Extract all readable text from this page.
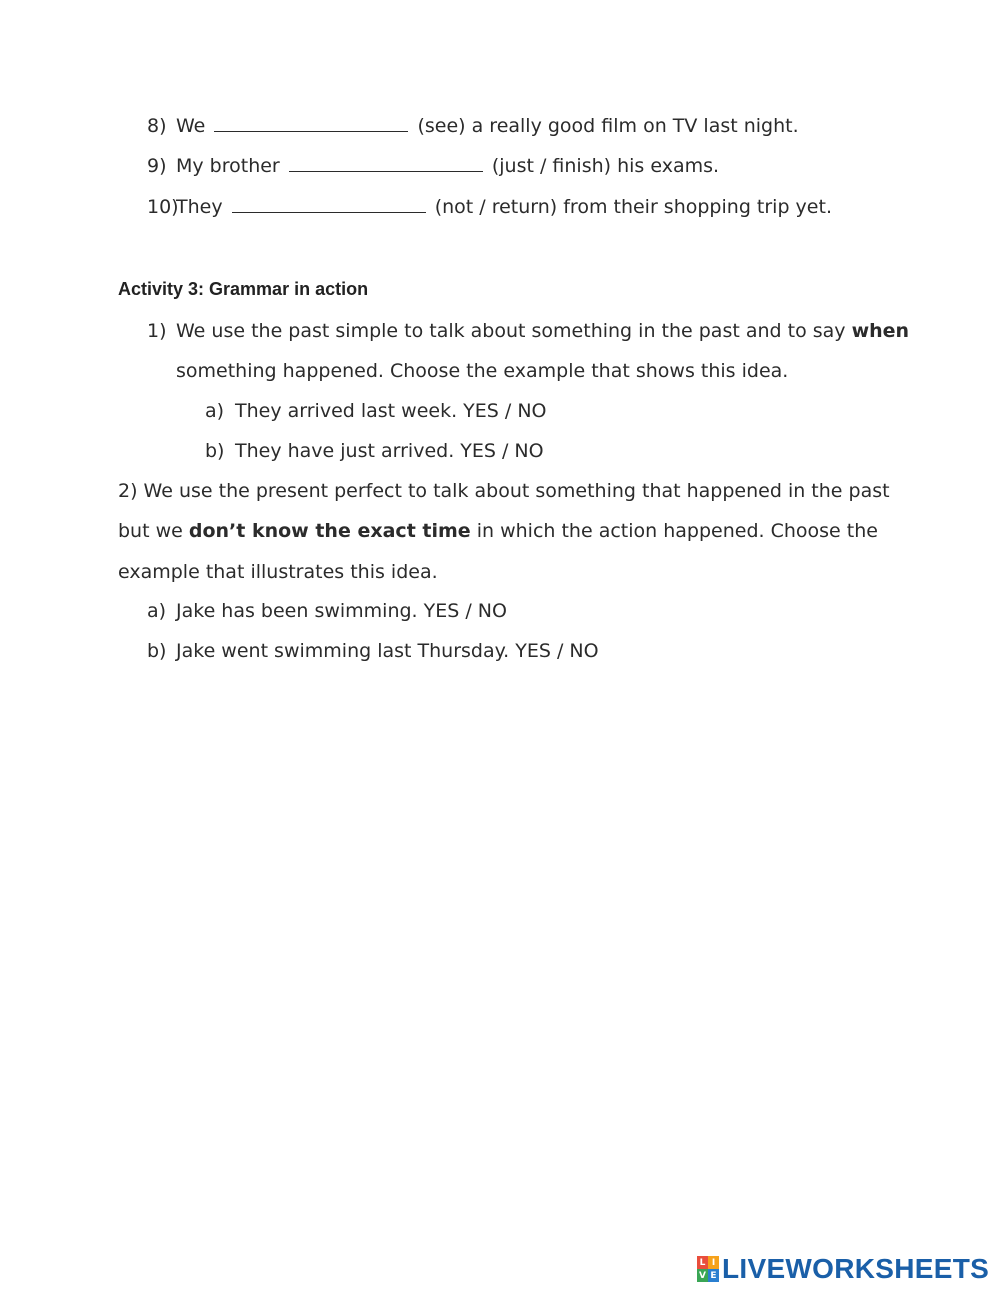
8) We	(see) a really good film on TV last night.
9) My brother	(just / finish) his exams.
10)
They	(not / return) from their shopping trip yet.
Activity 3: Grammar in action
1) We use the past simple to talk about something in the past and to say when
something happened. Choose the example that shows this idea.
a) They arrived last week. YES / NO
b) They have just arrived. YES / NO
2) We use the present perfect to talk about something that happened in the past
but we don’t know the exact time in which the action happened. Choose the
example that illustrates this idea.
a) Jake has been swimming. YES / NO
b) Jake went swimming last Thursday. YES / NO
L I
V E LIVEWORKSHEETS
